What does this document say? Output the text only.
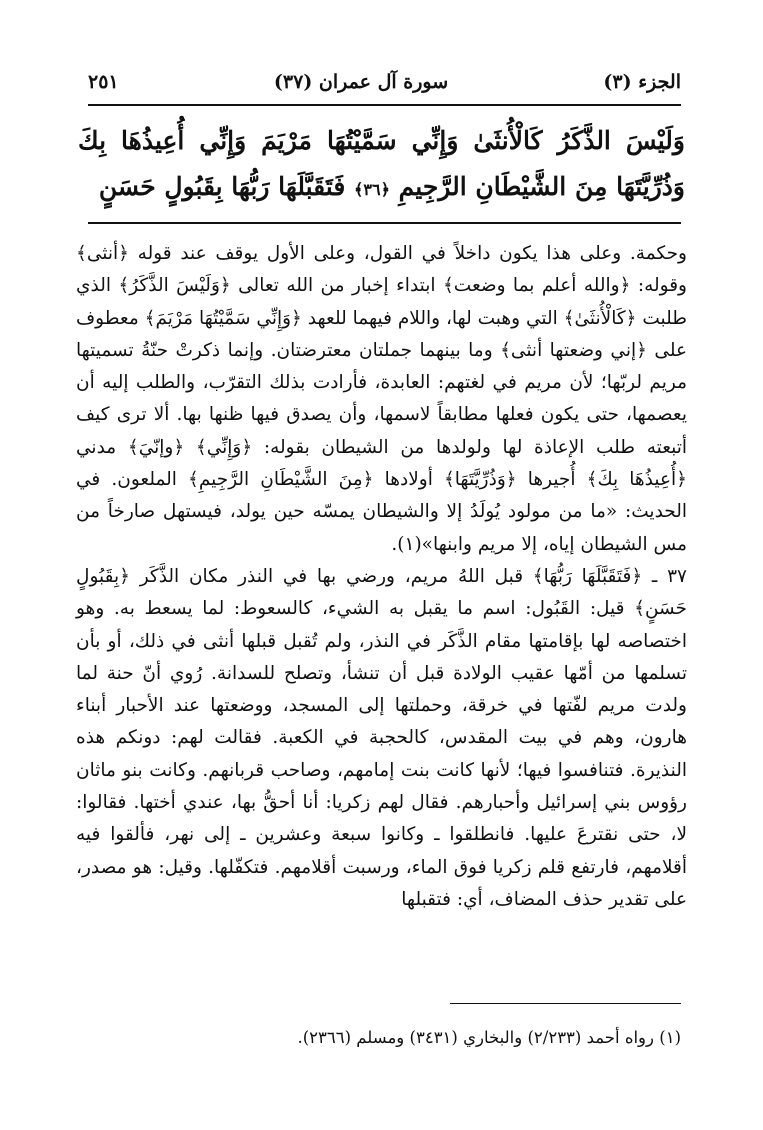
الجزء (٣)
سورة آل عمران (٣٧)
٢٥١
وَلَيْسَ الذَّكَرُ كَالْأُنثَىٰ وَإِنِّي سَمَّيْتُهَا مَرْيَمَ وَإِنِّي أُعِيذُهَا بِكَ وَذُرِّيَّتَهَا مِنَ الشَّيْطَانِ الرَّجِيمِ ﴿٣٦﴾ فَتَقَبَّلَهَا رَبُّهَا بِقَبُولٍ حَسَنٍ

وحكمة. وعلى هذا يكون داخلاً في القول، وعلى الأول يوقف عند قوله ﴿أنثى﴾ وقوله: ﴿والله أعلم بما وضعت﴾ ابتداء إخبار من الله تعالى ﴿وَلَيْسَ الذَّكَرُ﴾ الذي طلبت ﴿كَالْأُنثَىٰ﴾ التي وهبت لها، واللام فيهما للعهد ﴿وَإِنِّي سَمَّيْتُهَا مَرْيَمَ﴾ معطوف على ﴿إني وضعتها أنثى﴾ وما بينهما جملتان معترضتان. وإنما ذكرتْ حنّةُ تسميتها مريم لربّها؛ لأن مريم في لغتهم: العابدة، فأرادت بذلك التقرّب، والطلب إليه أن يعصمها، حتى يكون فعلها مطابقاً لاسمها، وأن يصدق فيها ظنها بها. ألا ترى كيف أتبعته طلب الإعاذة لها ولولدها من الشيطان بقوله: ﴿وَإِنِّي﴾ ﴿وإنّيَ﴾ مدني ﴿أُعِيذُهَا بِكَ﴾ أُجيرها ﴿وَذُرِّيَّتَهَا﴾ أولادها ﴿مِنَ الشَّيْطَانِ الرَّجِيمِ﴾ الملعون. في الحديث: «ما من مولود يُولَدُ إلا والشيطان يمسّه حين يولد، فيستهل صارخاً من مس الشيطان إياه، إلا مريم وابنها»(١).

٣٧ ـ ﴿فَتَقَبَّلَهَا رَبُّهَا﴾ قبل اللهُ مريم، ورضي بها في النذر مكان الذَّكَر ﴿بِقَبُولٍ حَسَنٍ﴾ قيل: القَبُول: اسم ما يقبل به الشيء، كالسعوط: لما يسعط به. وهو اختصاصه لها بإقامتها مقام الذَّكَر في النذر، ولم تُقبل قبلها أنثى في ذلك، أو بأن تسلمها من أمّها عقيب الولادة قبل أن تنشأ، وتصلح للسدانة. رُوي أنّ حنة لما ولدت مريم لفّتها في خرقة، وحملتها إلى المسجد، ووضعتها عند الأحبار أبناء هارون، وهم في بيت المقدس، كالحجبة في الكعبة. فقالت لهم: دونكم هذه النذيرة. فتنافسوا فيها؛ لأنها كانت بنت إمامهم، وصاحب قربانهم. وكانت بنو ماثان رؤوس بني إسرائيل وأحبارهم. فقال لهم زكريا: أنا أحقُّ بها، عندي أختها. فقالوا: لا، حتى نقترعَ عليها. فانطلقوا ـ وكانوا سبعة وعشرين ـ إلى نهر، فألقوا فيه أقلامهم، فارتفع قلم زكريا فوق الماء، ورسبت أقلامهم. فتكفّلها. وقيل: هو مصدر، على تقدير حذف المضاف، أي: فتقبلها

(١) رواه أحمد (٢/٢٣٣) والبخاري (٣٤٣١) ومسلم (٢٣٦٦).
